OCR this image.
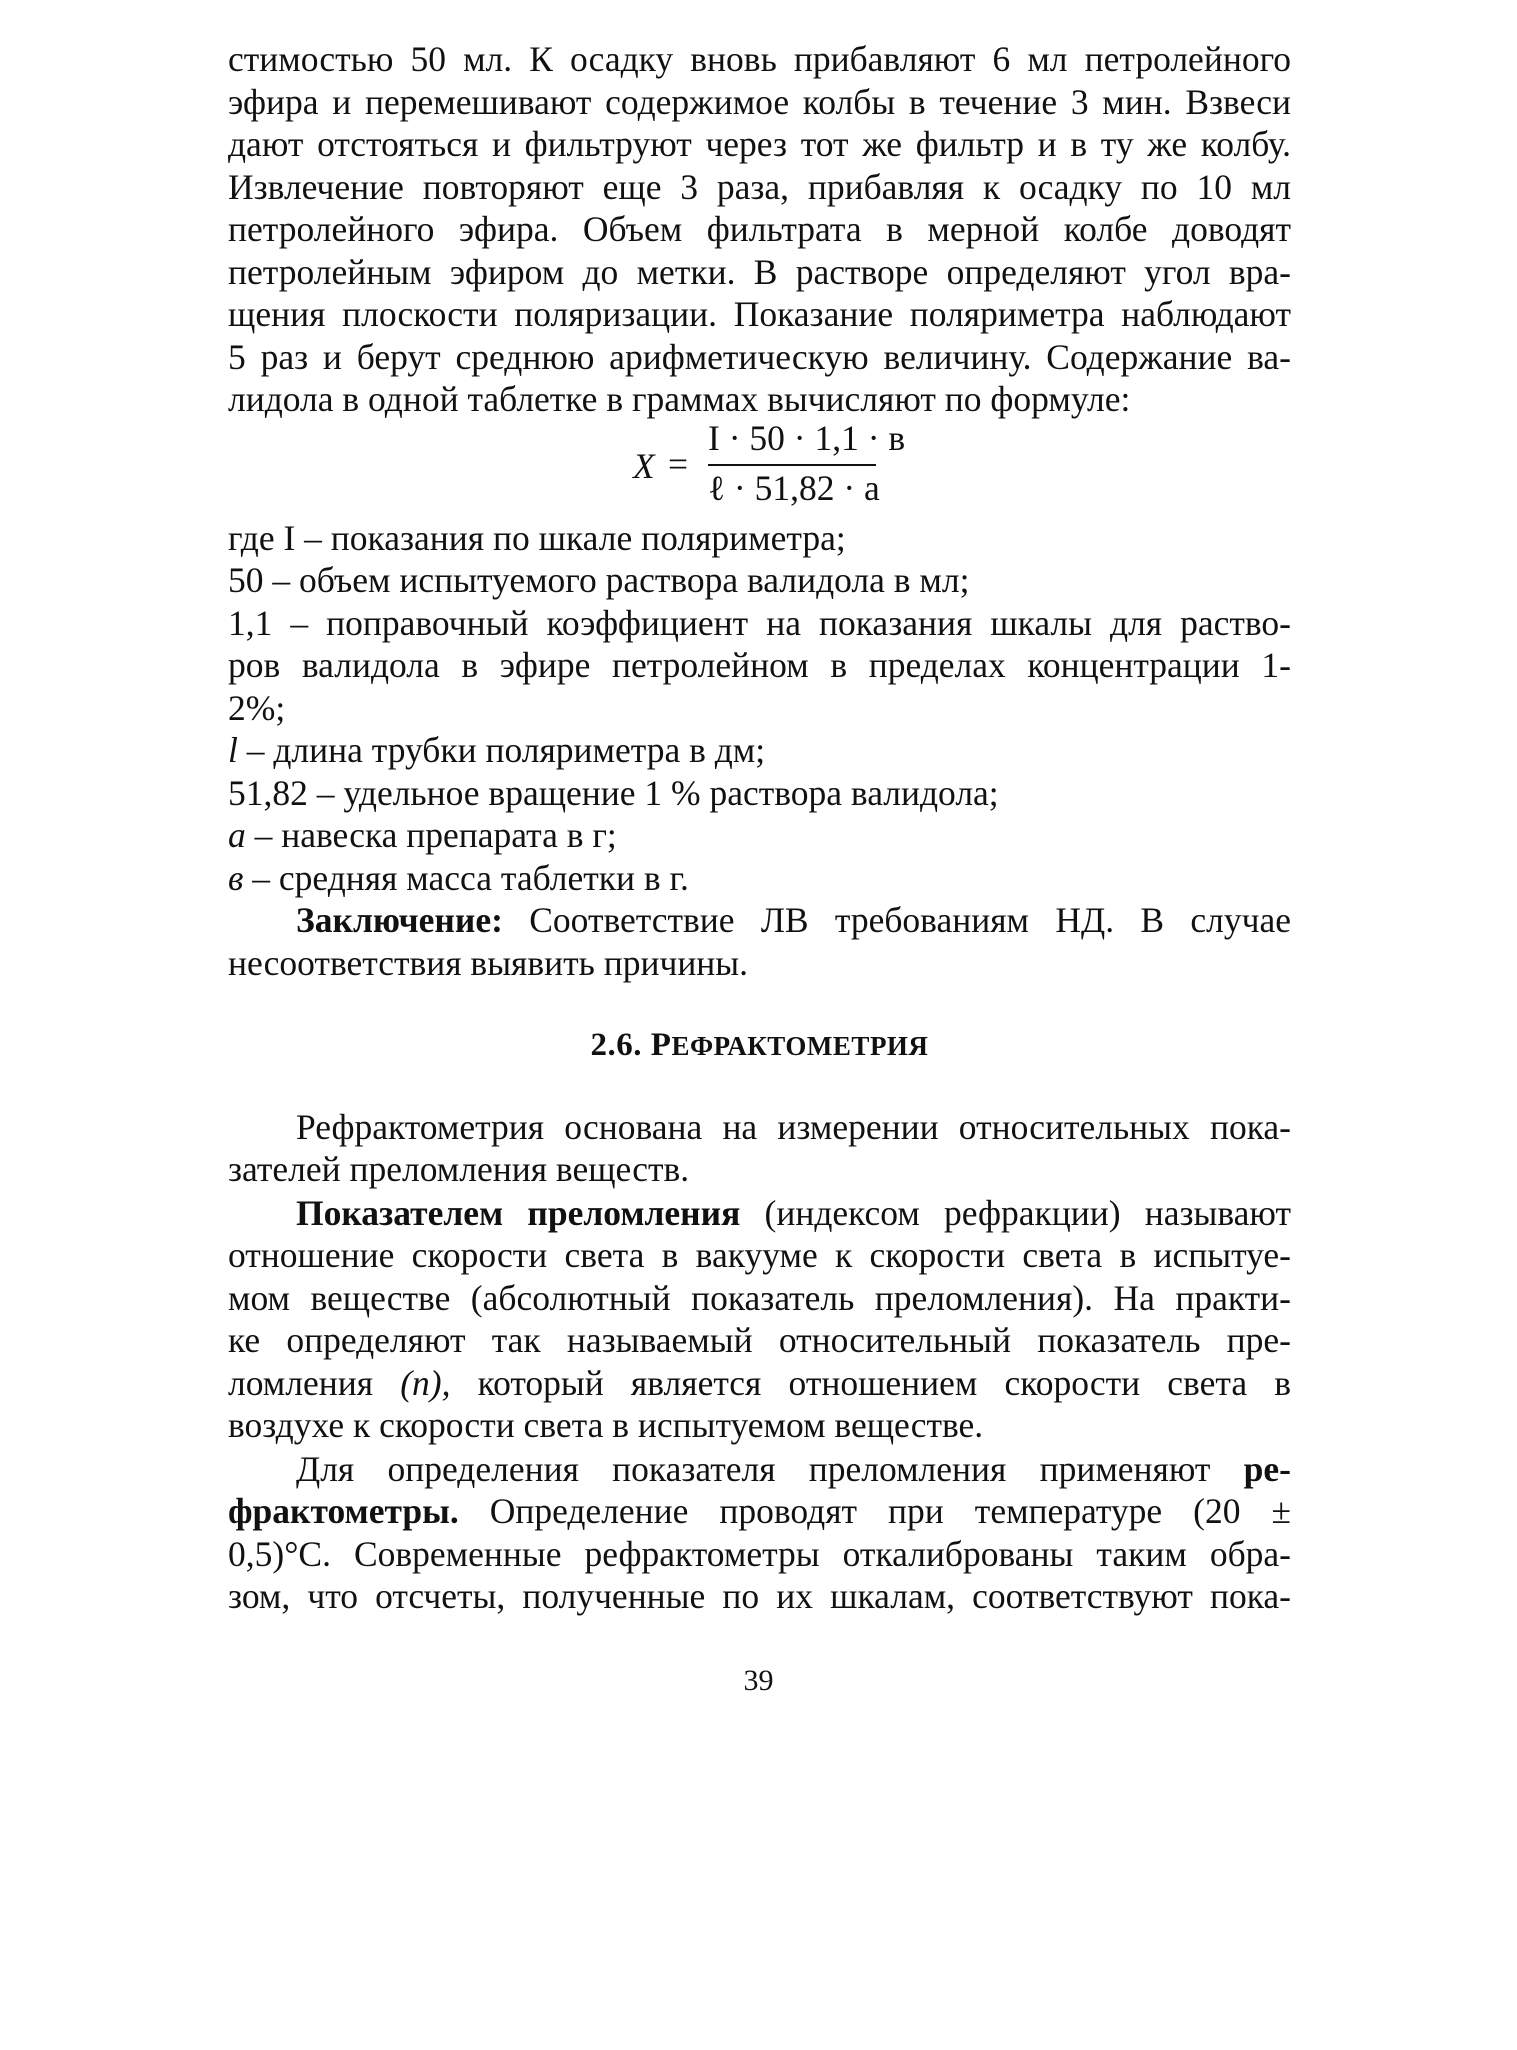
стимостью 50 мл. К осадку вновь прибавляют 6 мл петролейного
эфира и перемешивают содержимое колбы в течение 3 мин. Взвеси
дают отстояться и фильтруют через тот же фильтр и в ту же колбу.
Извлечение повторяют еще 3 раза, прибавляя к осадку по 10 мл
петролейного эфира. Объем фильтрата в мерной колбе доводят
петролейным эфиром до метки. В растворе определяют угол вра-
щения плоскости поляризации. Показание поляриметра наблюдают
5 раз и берут среднюю арифметическую величину. Содержание ва-
лидола в одной таблетке в граммах вычисляют по формуле:
X =
I · 50 · 1,1 · в
ℓ · 51,82 · a
где I – показания по шкале поляриметра;
50 – объем испытуемого раствора валидола в мл;
1,1 – поправочный коэффициент на показания шкалы для раство-
ров валидола в эфире петролейном в пределах концентрации 1-
2%;
l – длина трубки поляриметра в дм;
51,82 – удельное вращение 1 % раствора валидола;
a – навеска препарата в г;
в – средняя масса таблетки в г.
Заключение: Соответствие ЛВ требованиям НД. В случае
несоответствия выявить причины.
2.6. РЕФРАКТОМЕТРИЯ
Рефрактометрия основана на измерении относительных пока-
зателей преломления веществ.
Показателем преломления (индексом рефракции) называют
отношение скорости света в вакууме к скорости света в испытуе-
мом веществе (абсолютный показатель преломления). На практи-
ке определяют так называемый относительный показатель пре-
ломления (n), который является отношением скорости света в
воздухе к скорости света в испытуемом веществе.
Для определения показателя преломления применяют ре-
фрактометры. Определение проводят при температуре (20 ±
0,5)°С. Современные рефрактометры откалиброваны таким обра-
зом, что отсчеты, полученные по их шкалам, соответствуют пока-
39
